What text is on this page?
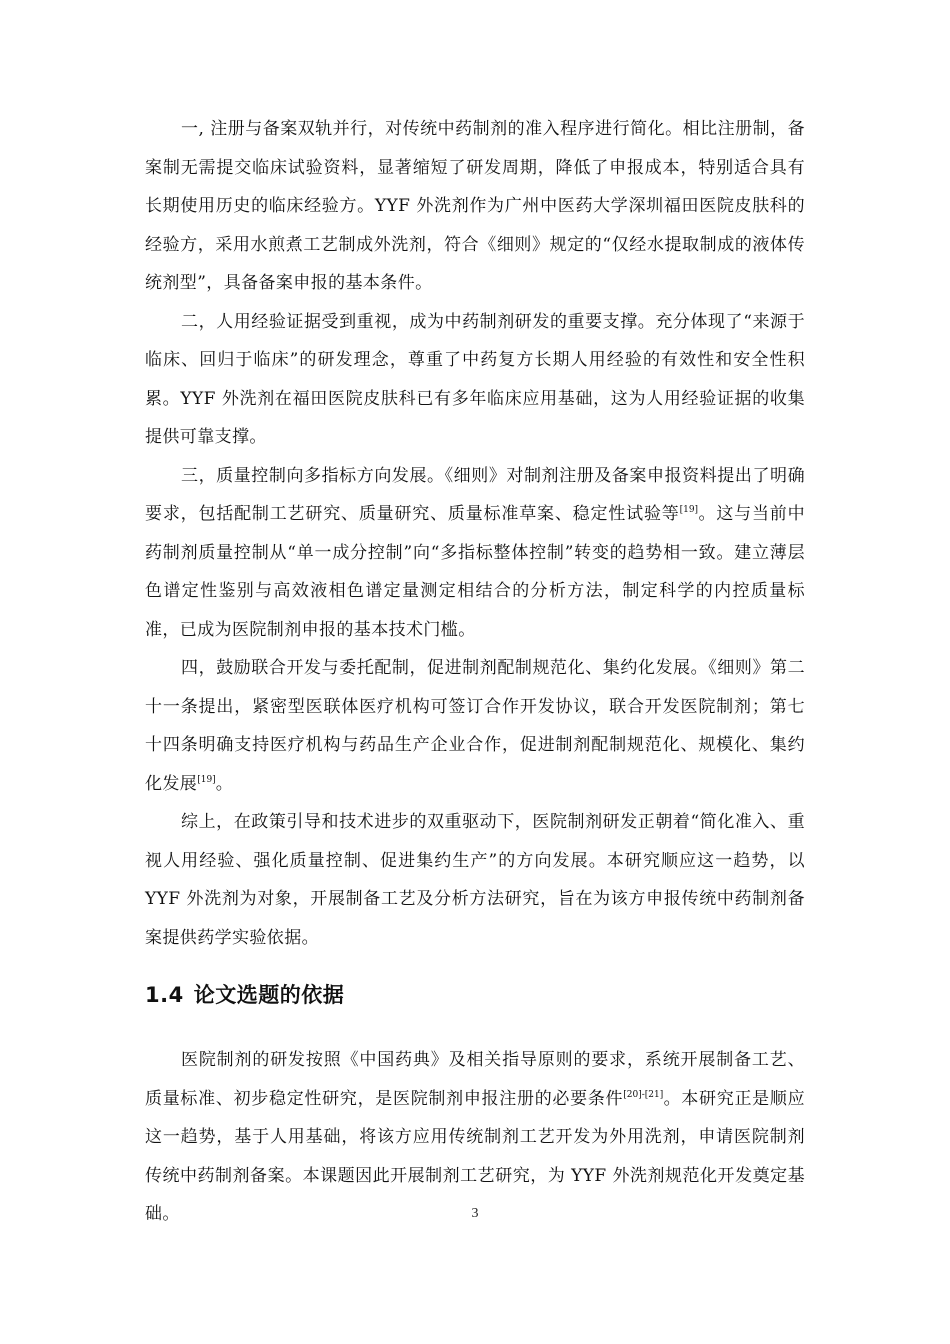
一, 注册与备案双轨并行，对传统中药制剂的准入程序进行简化。相比注册制，备案制无需提交临床试验资料，显著缩短了研发周期，降低了申报成本，特别适合具有长期使用历史的临床经验方。YYF 外洗剂作为广州中医药大学深圳福田医院皮肤科的经验方，采用水煎煮工艺制成外洗剂，符合《细则》规定的“仅经水提取制成的液体传统剂型”，具备备案申报的基本条件。

二，人用经验证据受到重视，成为中药制剂研发的重要支撑。充分体现了“来源于临床、回归于临床”的研发理念，尊重了中药复方长期人用经验的有效性和安全性积累。YYF 外洗剂在福田医院皮肤科已有多年临床应用基础，这为人用经验证据的收集提供可靠支撑。

三，质量控制向多指标方向发展。《细则》对制剂注册及备案申报资料提出了明确要求，包括配制工艺研究、质量研究、质量标准草案、稳定性试验等[19]。这与当前中药制剂质量控制从“单一成分控制”向“多指标整体控制”转变的趋势相一致。建立薄层色谱定性鉴别与高效液相色谱定量测定相结合的分析方法，制定科学的内控质量标准，已成为医院制剂申报的基本技术门槛。

四，鼓励联合开发与委托配制，促进制剂配制规范化、集约化发展。《细则》第二十一条提出，紧密型医联体医疗机构可签订合作开发协议，联合开发医院制剂；第七十四条明确支持医疗机构与药品生产企业合作，促进制剂配制规范化、规模化、集约化发展[19]。

综上，在政策引导和技术进步的双重驱动下，医院制剂研发正朝着“简化准入、重视人用经验、强化质量控制、促进集约生产”的方向发展。本研究顺应这一趋势，以 YYF 外洗剂为对象，开展制备工艺及分析方法研究，旨在为该方申报传统中药制剂备案提供药学实验依据。

1.4 论文选题的依据

医院制剂的研发按照《中国药典》及相关指导原则的要求，系统开展制备工艺、质量标准、初步稳定性研究，是医院制剂申报注册的必要条件[20]-[21]。本研究正是顺应这一趋势，基于人用基础，将该方应用传统制剂工艺开发为外用洗剂，申请医院制剂传统中药制剂备案。本课题因此开展制剂工艺研究，为 YYF 外洗剂规范化开发奠定基础。	3
